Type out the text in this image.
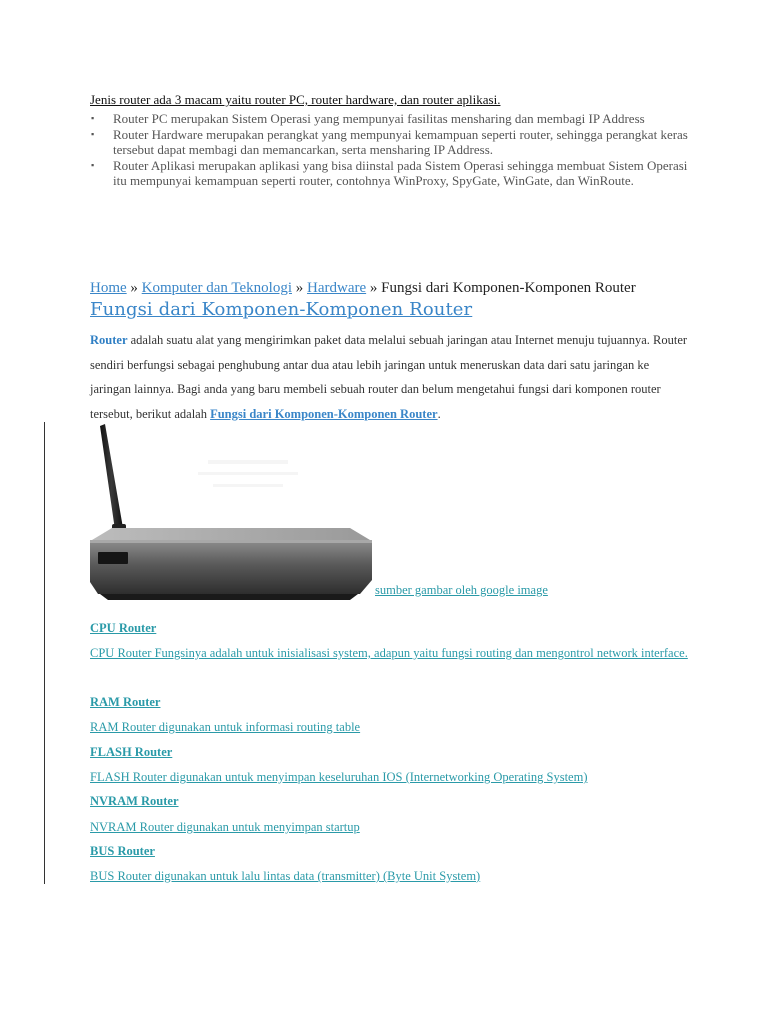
Jenis router ada 3 macam yaitu router PC, router hardware, dan router aplikasi.
▪ Router PC merupakan Sistem Operasi yang mempunyai fasilitas mensharing dan membagi IP Address
▪ Router Hardware merupakan perangkat yang mempunyai kemampuan seperti router, sehingga perangkat keras tersebut dapat membagi dan memancarkan, serta mensharing IP Address.
▪ Router Aplikasi merupakan aplikasi yang bisa diinstal pada Sistem Operasi sehingga membuat Sistem Operasi itu mempunyai kemampuan seperti router, contohnya WinProxy, SpyGate, WinGate, dan WinRoute.
Home » Komputer dan Teknologi » Hardware » Fungsi dari Komponen-Komponen Router
Fungsi dari Komponen-Komponen Router
Router adalah suatu alat yang mengirimkan paket data melalui sebuah jaringan atau Internet menuju tujuannya. Router sendiri berfungsi sebagai penghubung antar dua atau lebih jaringan untuk meneruskan data dari satu jaringan ke jaringan lainnya. Bagi anda yang baru membeli sebuah router dan belum mengetahui fungsi dari komponen router tersebut, berikut adalah Fungsi dari Komponen-Komponen Router.
sumber gambar oleh google image
CPU Router
CPU Router Fungsinya adalah untuk inisialisasi system, adapun yaitu fungsi routing dan mengontrol network interface.
RAM Router
RAM Router digunakan untuk informasi routing table
FLASH Router
FLASH Router digunakan untuk menyimpan keseluruhan IOS (Internetworking Operating System)
NVRAM Router
NVRAM Router digunakan untuk menyimpan startup
BUS Router
BUS Router digunakan untuk lalu lintas data (transmitter) (Byte Unit System)
